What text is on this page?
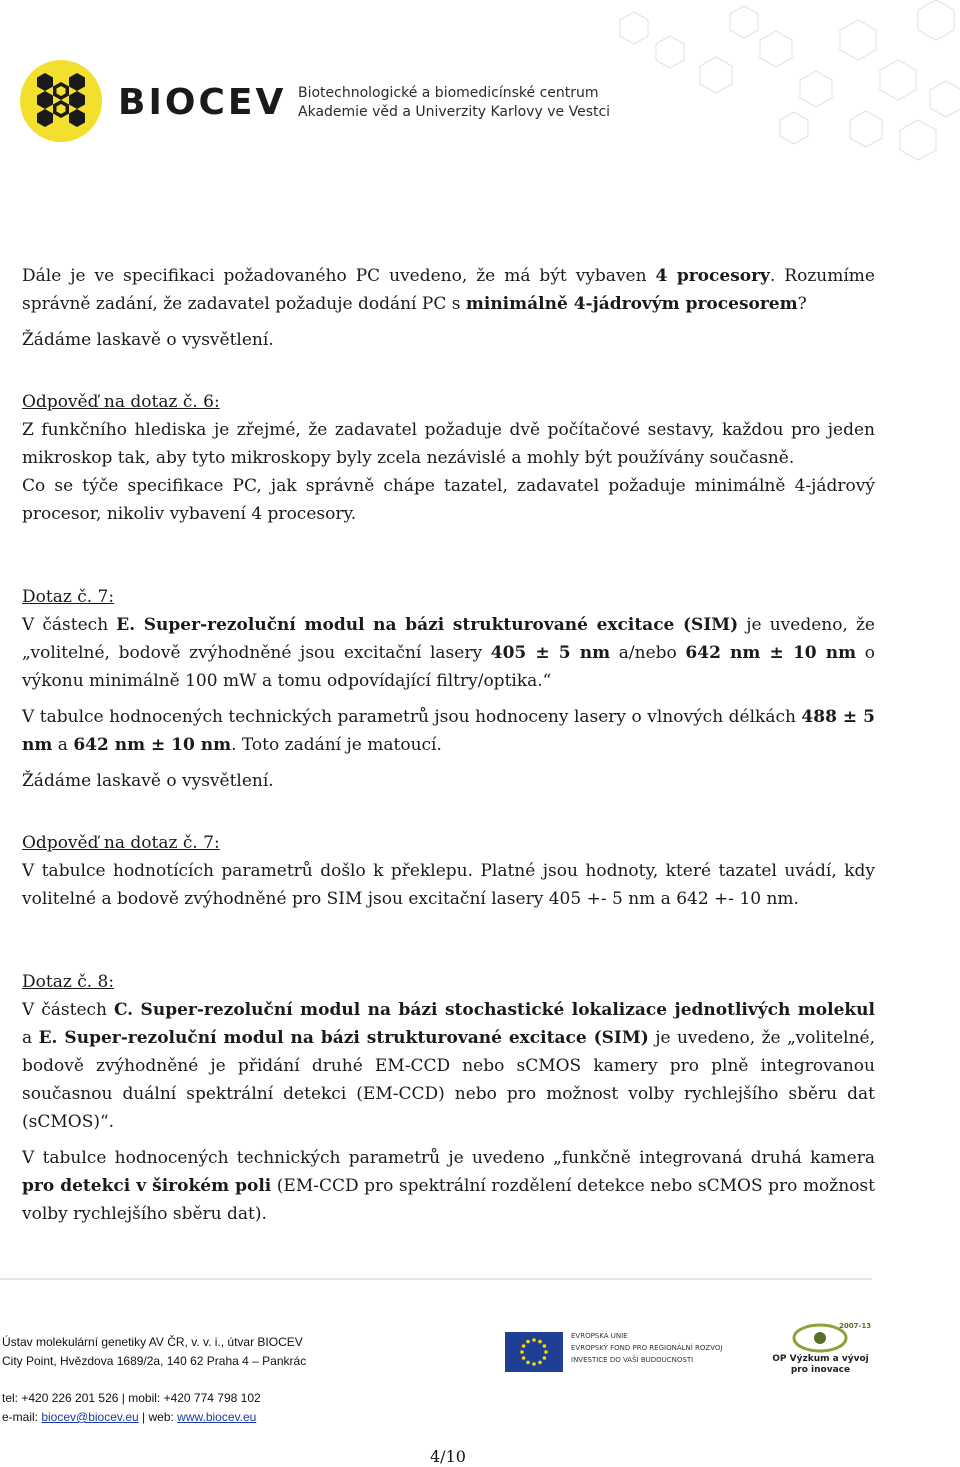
BIOCEV Biotechnologické a biomedicínské centrum
Akademie věd a Univerzity Karlovy ve Vestci

Dále je ve specifikaci požadovaného PC uvedeno, že má být vybaven 4 procesory. Rozumíme správně zadání, že zadavatel požaduje dodání PC s minimálně 4-jádrovým procesorem?

Žádáme laskavě o vysvětlení.

Odpověď na dotaz č. 6:

Z funkčního hlediska je zřejmé, že zadavatel požaduje dvě počítačové sestavy, každou pro jeden mikroskop tak, aby tyto mikroskopy byly zcela nezávislé a mohly být používány současně.

Co se týče specifikace PC, jak správně chápe tazatel, zadavatel požaduje minimálně 4-jádrový procesor, nikoliv vybavení 4 procesory.

Dotaz č. 7:

V částech E. Super-rezoluční modul na bázi strukturované excitace (SIM) je uvedeno, že „volitelné, bodově zvýhodněné jsou excitační lasery 405 ± 5 nm a/nebo 642 nm ± 10 nm o výkonu minimálně 100 mW a tomu odpovídající filtry/optika.“

V tabulce hodnocených technických parametrů jsou hodnoceny lasery o vlnových délkách 488 ± 5 nm a 642 nm ± 10 nm. Toto zadání je matoucí.

Žádáme laskavě o vysvětlení.

Odpověď na dotaz č. 7:

V tabulce hodnotících parametrů došlo k překlepu. Platné jsou hodnoty, které tazatel uvádí, kdy volitelné a bodově zvýhodněné pro SIM jsou excitační lasery 405 +- 5 nm a 642 +- 10 nm.

Dotaz č. 8:

V částech C. Super-rezoluční modul na bázi stochastické lokalizace jednotlivých molekul a E. Super-rezoluční modul na bázi strukturované excitace (SIM) je uvedeno, že „volitelné, bodově zvýhodněné je přidání druhé EM-CCD nebo sCMOS kamery pro plně integrovanou současnou duální spektrální detekci (EM-CCD) nebo pro možnost volby rychlejšího sběru dat (sCMOS)“.

V tabulce hodnocených technických parametrů je uvedeno „funkčně integrovaná druhá kamera pro detekci v širokém poli (EM-CCD pro spektrální rozdělení detekce nebo sCMOS pro možnost volby rychlejšího sběru dat).

Ústav molekulární genetiky AV ČR, v. v. i., útvar BIOCEV
City Point, Hvězdova 1689/2a, 140 62 Praha 4 – Pankrác
tel: +420 226 201 526 | mobil: +420 774 798 102
e-mail: biocev@biocev.eu | web: www.biocev.eu
EVROPSKÁ UNIE
EVROPSKÝ FOND PRO REGIONÁLNÍ ROZVOJ
INVESTICE DO VAŠÍ BUDOUCNOSTI
2007-13
OP Výzkum a vývoj
pro inovace
4/10
